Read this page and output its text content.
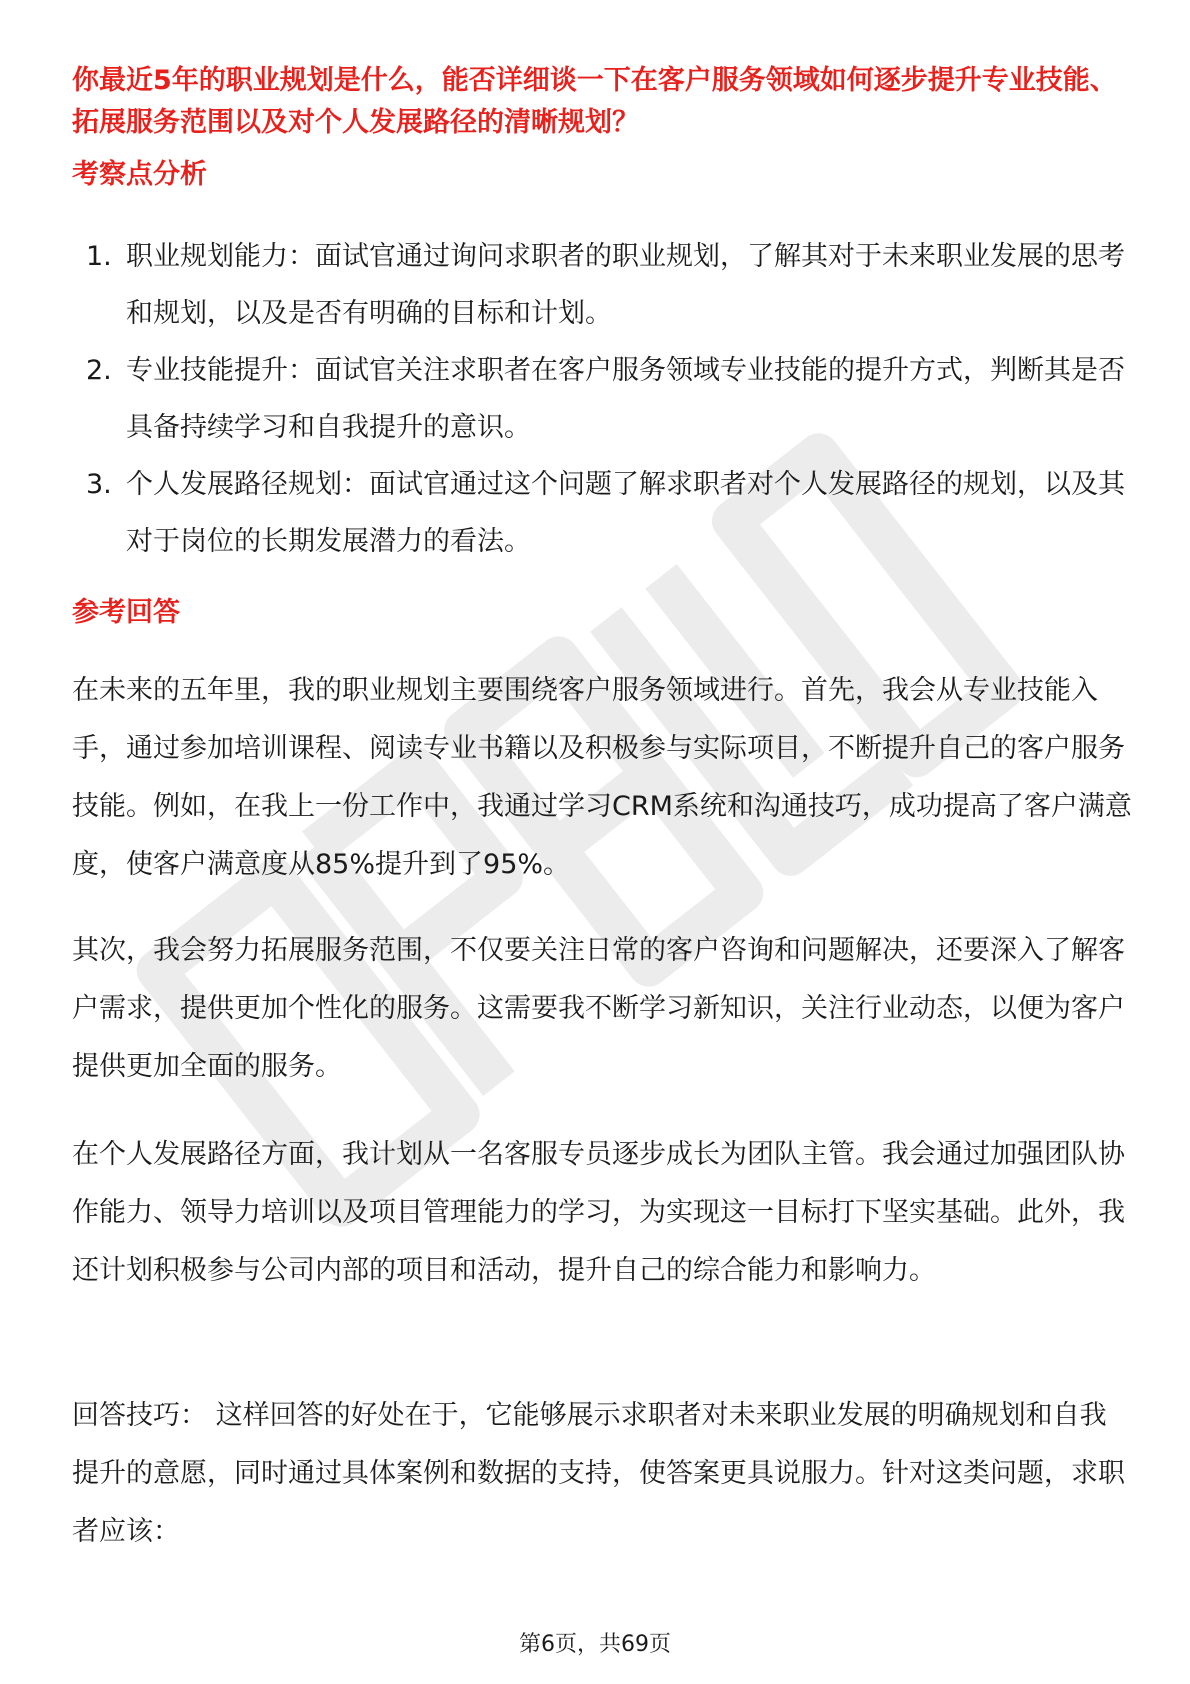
你最近5年的职业规划是什么，能否详细谈一下在客户服务领域如何逐步提升专业技能、拓展服务范围以及对个人发展路径的清晰规划？
考察点分析
1. 职业规划能力：面试官通过询问求职者的职业规划，了解其对于未来职业发展的思考和规划，以及是否有明确的目标和计划。
2. 专业技能提升：面试官关注求职者在客户服务领域专业技能的提升方式，判断其是否具备持续学习和自我提升的意识。
3. 个人发展路径规划：面试官通过这个问题了解求职者对个人发展路径的规划，以及其对于岗位的长期发展潜力的看法。
参考回答

在未来的五年里，我的职业规划主要围绕客户服务领域进行。首先，我会从专业技能入手，通过参加培训课程、阅读专业书籍以及积极参与实际项目，不断提升自己的客户服务技能。例如，在我上一份工作中，我通过学习CRM系统和沟通技巧，成功提高了客户满意度，使客户满意度从85%提升到了95%。

其次，我会努力拓展服务范围，不仅要关注日常的客户咨询和问题解决，还要深入了解客户需求，提供更加个性化的服务。这需要我不断学习新知识，关注行业动态，以便为客户提供更加全面的服务。

在个人发展路径方面，我计划从一名客服专员逐步成长为团队主管。我会通过加强团队协作能力、领导力培训以及项目管理能力的学习，为实现这一目标打下坚实基础。此外，我还计划积极参与公司内部的项目和活动，提升自己的综合能力和影响力。

回答技巧： 这样回答的好处在于，它能够展示求职者对未来职业发展的明确规划和自我提升的意愿，同时通过具体案例和数据的支持，使答案更具说服力。针对这类问题，求职者应该：

第6页，共69页
